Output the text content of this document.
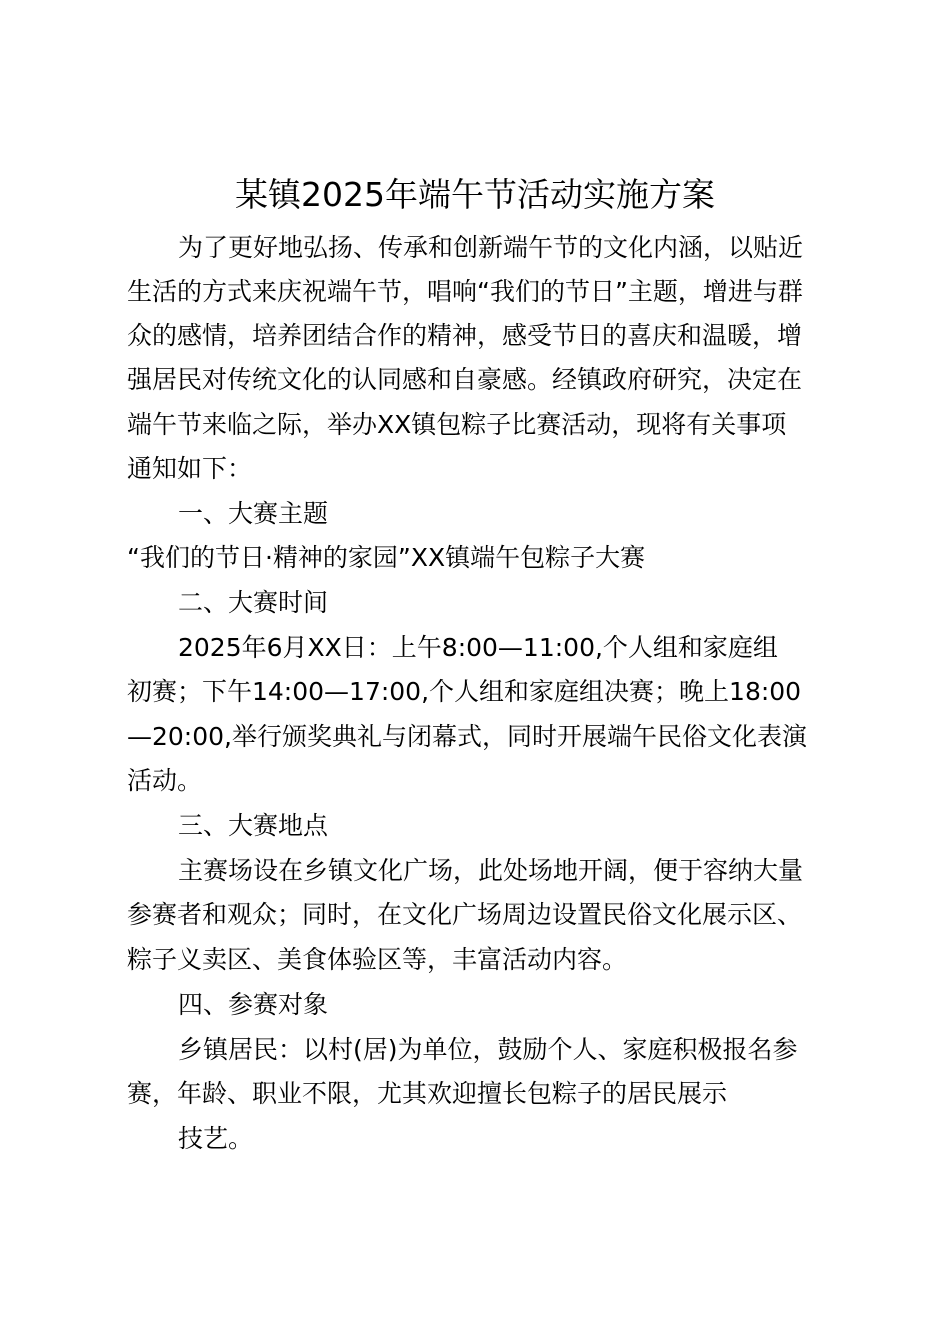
某镇2025年端午节活动实施方案
为了更好地弘扬、传承和创新端午节的文化内涵，以贴近
生活的方式来庆祝端午节，唱响“我们的节日”主题，增进与群
众的感情，培养团结合作的精神，感受节日的喜庆和温暖，增
强居民对传统文化的认同感和自豪感。经镇政府研究，决定在
端午节来临之际，举办XX镇包粽子比赛活动，现将有关事项
通知如下：
一、大赛主题
“我们的节日·精神的家园”XX镇端午包粽子大赛
二、大赛时间
2025年6月XX日：上午8:00—11:00,个人组和家庭组
初赛；下午14:00—17:00,个人组和家庭组决赛；晚上18:00
—20:00,举行颁奖典礼与闭幕式，同时开展端午民俗文化表演
活动。
三、大赛地点
主赛场设在乡镇文化广场，此处场地开阔，便于容纳大量
参赛者和观众；同时，在文化广场周边设置民俗文化展示区、
粽子义卖区、美食体验区等，丰富活动内容。
四、参赛对象
乡镇居民：以村(居)为单位，鼓励个人、家庭积极报名参
赛，年龄、职业不限，尤其欢迎擅长包粽子的居民展示
技艺。
